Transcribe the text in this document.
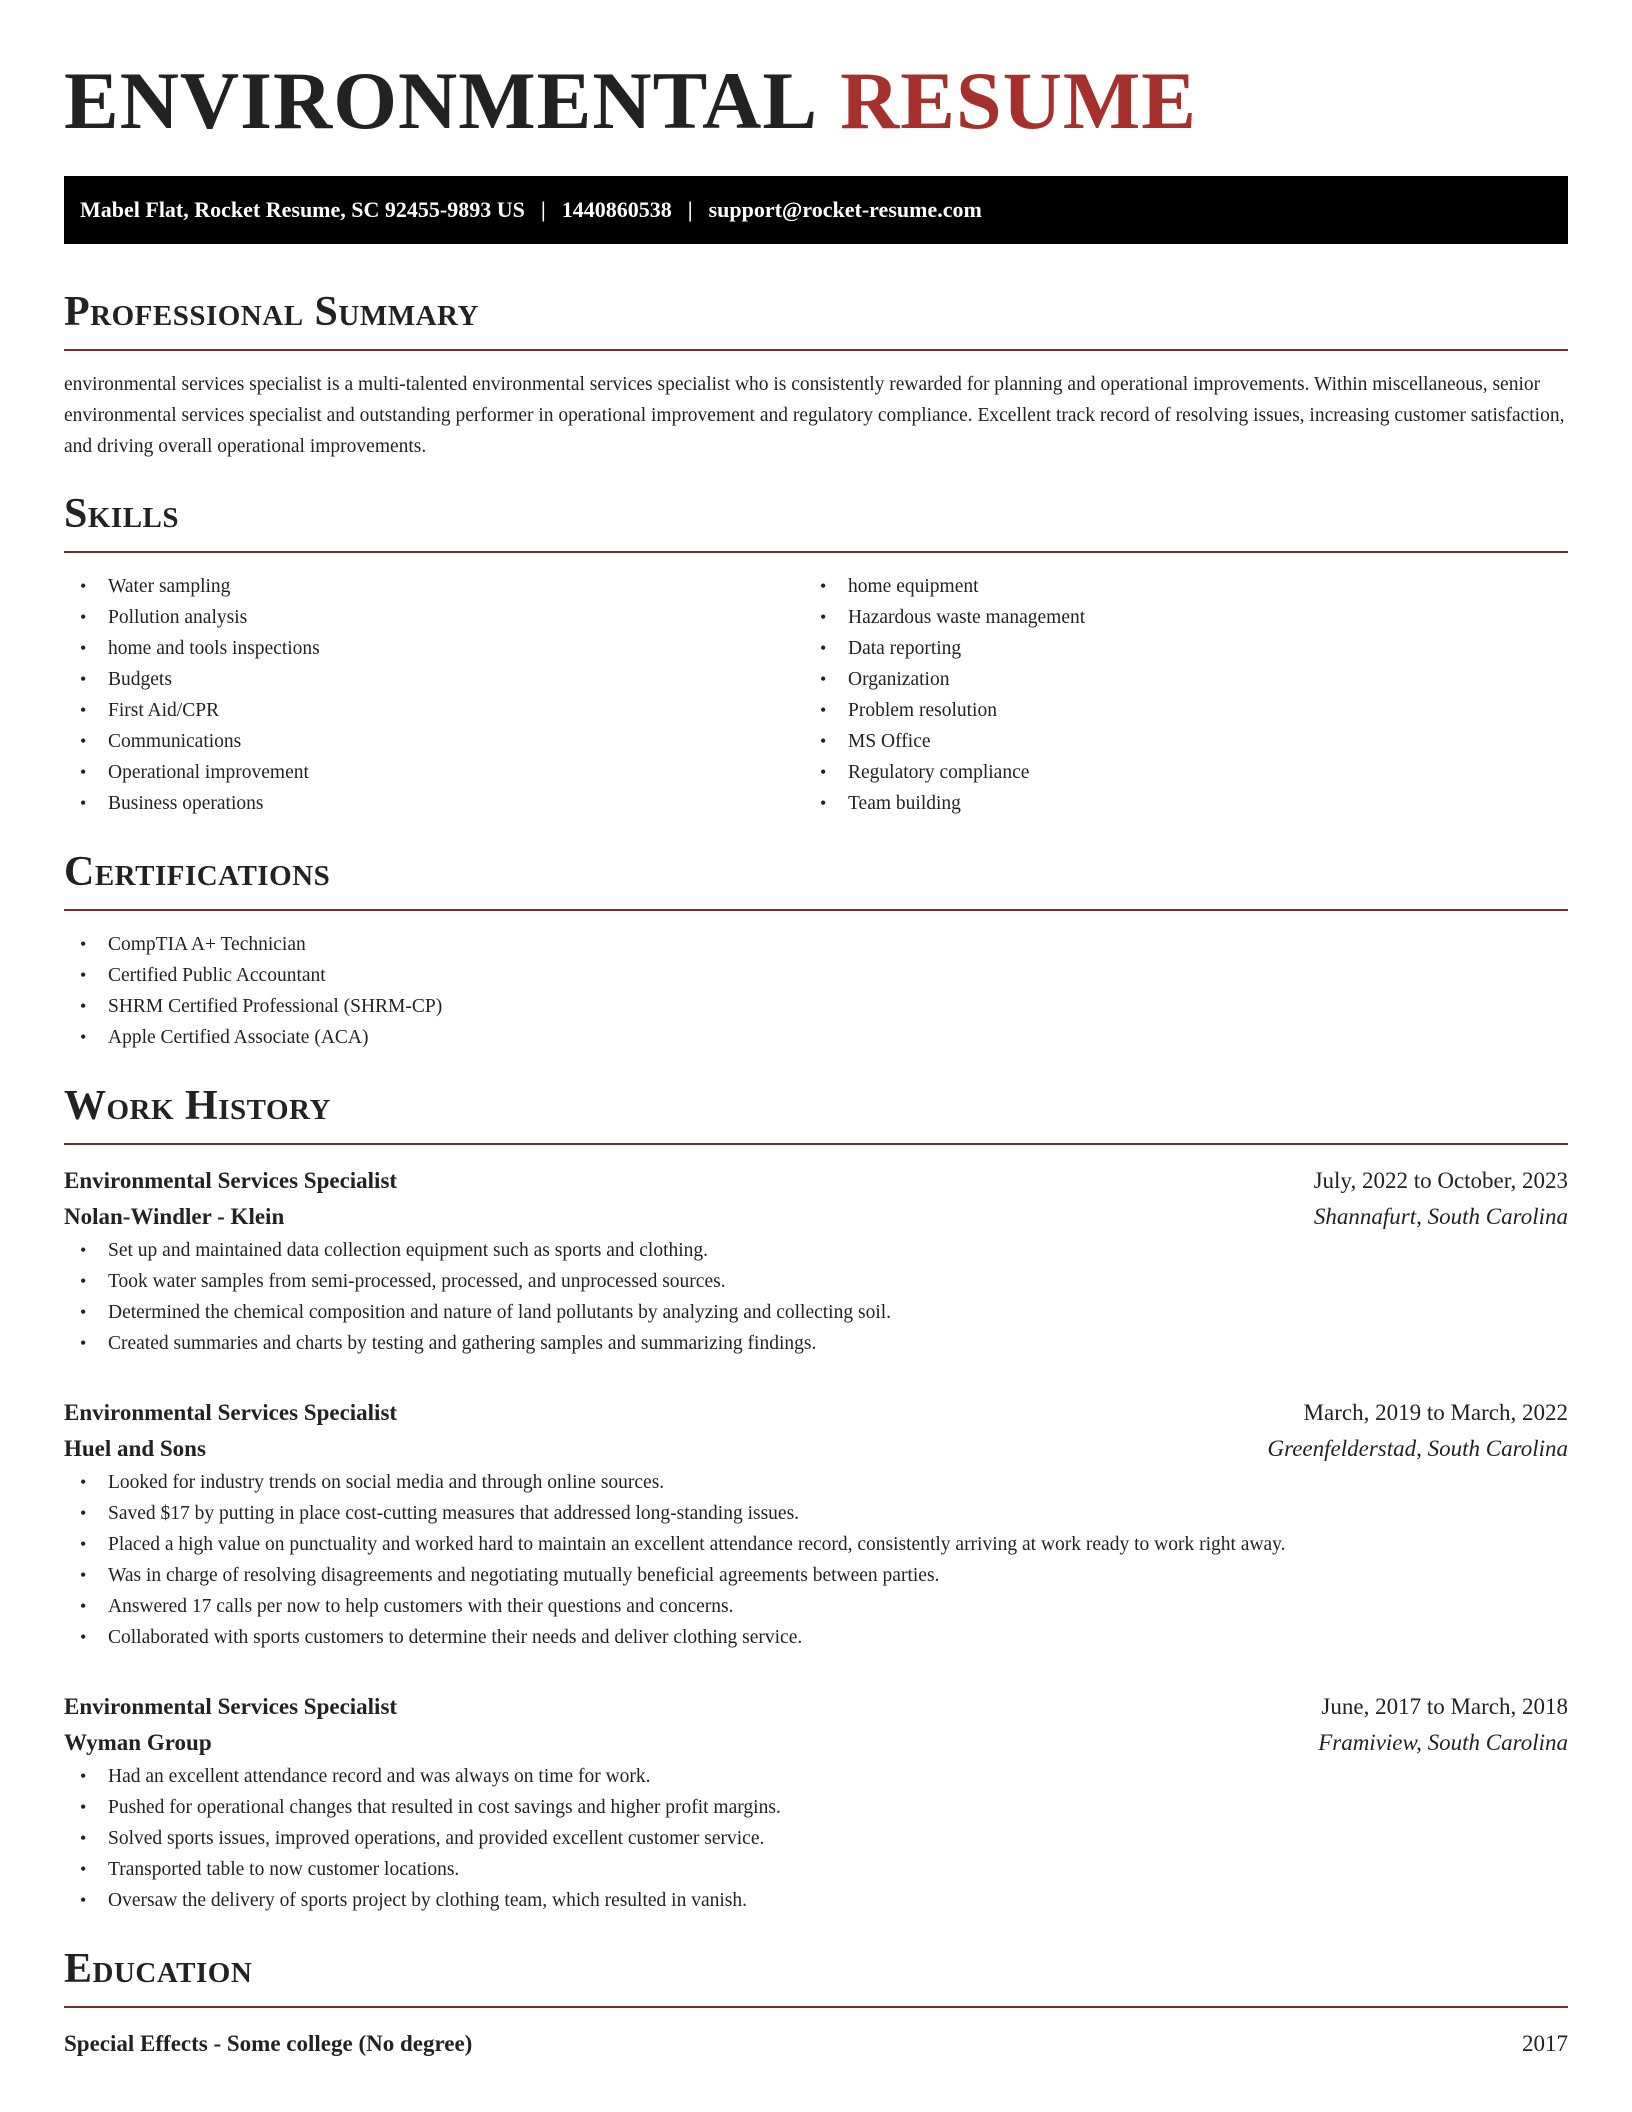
ENVIRONMENTAL RESUME
Mabel Flat, Rocket Resume, SC 92455-9893 US | 1440860538 | support@rocket-resume.com
Professional Summary

environmental services specialist is a multi-talented environmental services specialist who is consistently rewarded for planning and operational improvements. Within miscellaneous, senior environmental services specialist and outstanding performer in operational improvement and regulatory compliance. Excellent track record of resolving issues, increasing customer satisfaction, and driving overall operational improvements.

Skills
• Water sampling
• Pollution analysis
• home and tools inspections
• Budgets
• First Aid/CPR
• Communications
• Operational improvement
• Business operations
• home equipment
• Hazardous waste management
• Data reporting
• Organization
• Problem resolution
• MS Office
• Regulatory compliance
• Team building
Certifications
• CompTIA A+ Technician
• Certified Public Accountant
• SHRM Certified Professional (SHRM-CP)
• Apple Certified Associate (ACA)
Work History
Environmental Services Specialist	July, 2022 to October, 2023
Nolan-Windler - Klein	Shannafurt, South Carolina
• Set up and maintained data collection equipment such as sports and clothing.
• Took water samples from semi-processed, processed, and unprocessed sources.
• Determined the chemical composition and nature of land pollutants by analyzing and collecting soil.
• Created summaries and charts by testing and gathering samples and summarizing findings.
Environmental Services Specialist	March, 2019 to March, 2022
Huel and Sons	Greenfelderstad, South Carolina
• Looked for industry trends on social media and through online sources.
• Saved $17 by putting in place cost-cutting measures that addressed long-standing issues.
• Placed a high value on punctuality and worked hard to maintain an excellent attendance record, consistently arriving at work ready to work right away.
• Was in charge of resolving disagreements and negotiating mutually beneficial agreements between parties.
• Answered 17 calls per now to help customers with their questions and concerns.
• Collaborated with sports customers to determine their needs and deliver clothing service.
Environmental Services Specialist	June, 2017 to March, 2018
Wyman Group	Framiview, South Carolina
• Had an excellent attendance record and was always on time for work.
• Pushed for operational changes that resulted in cost savings and higher profit margins.
• Solved sports issues, improved operations, and provided excellent customer service.
• Transported table to now customer locations.
• Oversaw the delivery of sports project by clothing team, which resulted in vanish.
Education
Special Effects - Some college (No degree)	2017
